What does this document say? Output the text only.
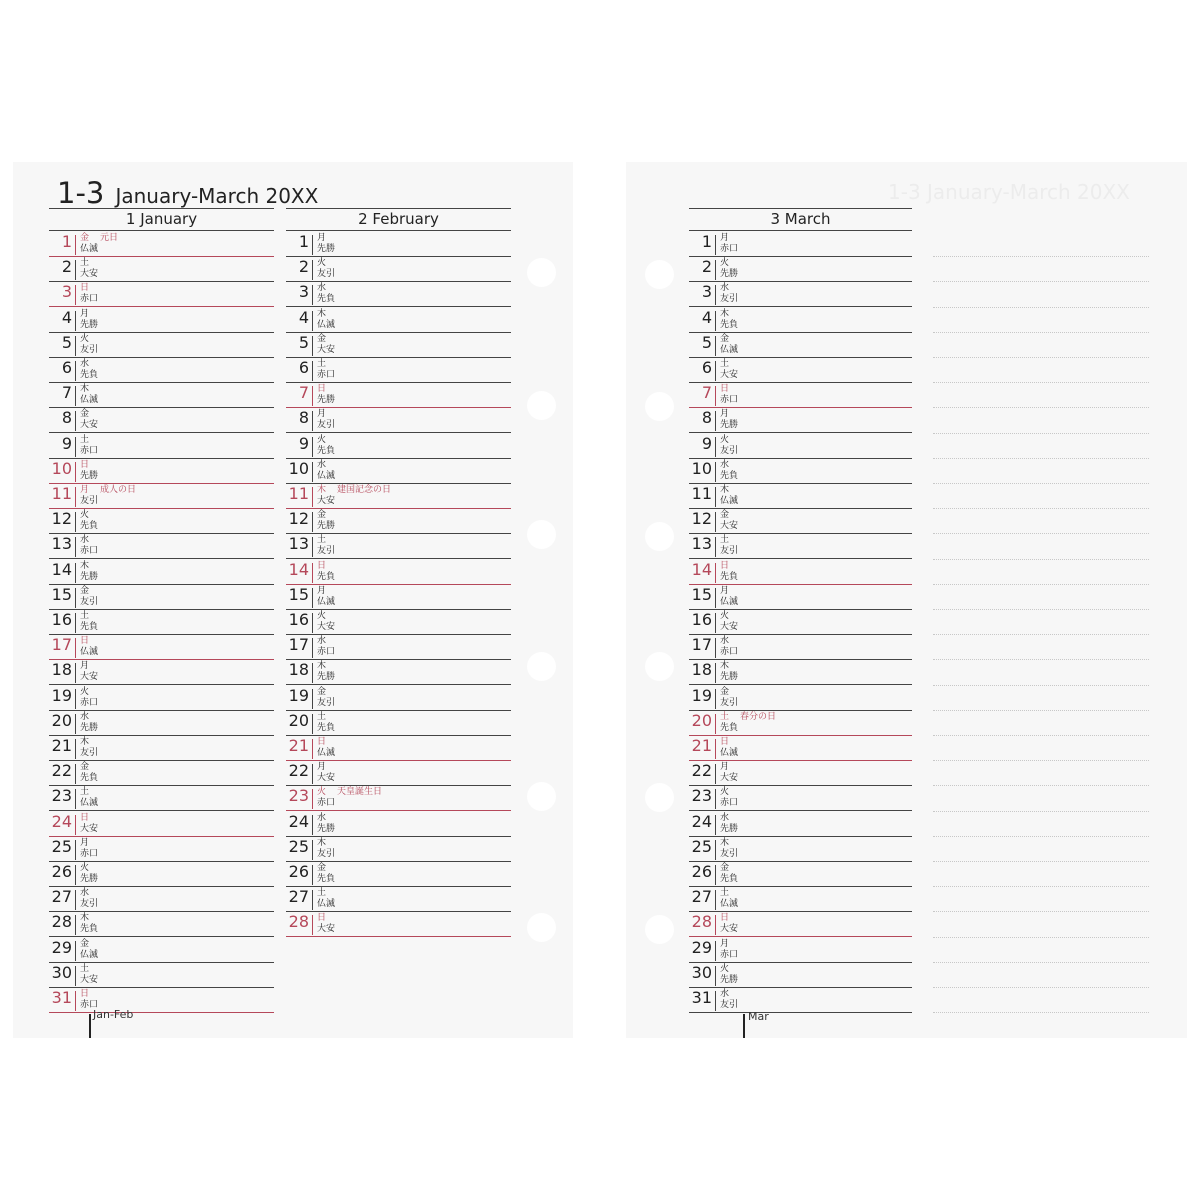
1-3 January-March 20XX
1 January
1 金
仏滅
元日
2 土
大安
3 日
赤口
4 月
先勝
5 火
友引
6 水
先負
7 木
仏滅
8 金
大安
9 土
赤口
10 日
先勝
11 月
友引
成人の日
12 火
先負
13 水
赤口
14 木
先勝
15 金
友引
16 土
先負
17 日
仏滅
18 月
大安
19 火
赤口
20 水
先勝
21 木
友引
22 金
先負
23 土
仏滅
24 日
大安
25 月
赤口
26 火
先勝
27 水
友引
28 木
先負
29 金
仏滅
30 土
大安
31 日
赤口
2 February
1 月
先勝
2 火
友引
3 水
先負
4 木
仏滅
5 金
大安
6 土
赤口
7 日
先勝
8 月
友引
9 火
先負
10 水
仏滅
11 木
大安
建国記念の日
12 金
先勝
13 土
友引
14 日
先負
15 月
仏滅
16 火
大安
17 水
赤口
18 木
先勝
19 金
友引
20 土
先負
21 日
仏滅
22 月
大安
23 火
赤口
天皇誕生日
24 水
先勝
25 木
友引
26 金
先負
27 土
仏滅
28 日
大安
Jan-Feb
1-3 January-March 20XX
3 March
1 月
赤口
2 火
先勝
3 水
友引
4 木
先負
5 金
仏滅
6 土
大安
7 日
赤口
8 月
先勝
9 火
友引
10 水
先負
11 木
仏滅
12 金
大安
13 土
友引
14 日
先負
15 月
仏滅
16 火
大安
17 水
赤口
18 木
先勝
19 金
友引
20 土
先負
春分の日
21 日
仏滅
22 月
大安
23 火
赤口
24 水
先勝
25 木
友引
26 金
先負
27 土
仏滅
28 日
大安
29 月
赤口
30 火
先勝
31 水
友引
Mar
